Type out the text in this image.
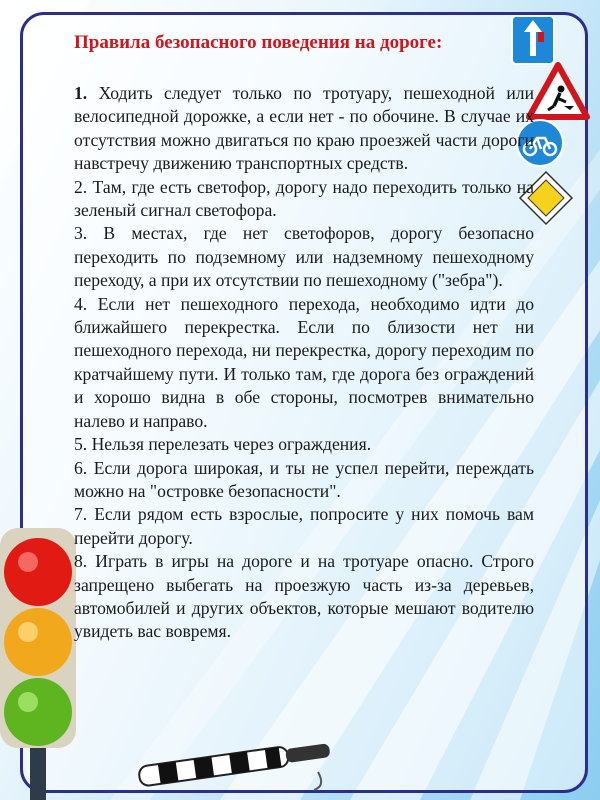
Правила безопасного поведения на дороге:

1. Ходить следует только по тротуару, пешеходной или велосипедной дорожке, а если нет - по обочине. В случае их отсутствия можно двигаться по краю проезжей части дороги навстречу движению транспортных средств.

2. Там, где есть светофор, дорогу надо переходить только на зеленый сигнал светофора.

3. В местах, где нет светофоров, дорогу безопасно переходить по подземному или надземному пешеходному переходу, а при их отсутствии по пешеходному ("зебра").

4. Если нет пешеходного перехода, необходимо идти до ближайшего перекрестка. Если по близости нет ни пешеходного перехода, ни перекрестка, дорогу переходим по кратчайшему пути. И только там, где дорога без ограждений и хорошо видна в обе стороны, посмотрев внимательно налево и направо.

5. Нельзя перелезать через ограждения.

6. Если дорога широкая, и ты не успел перейти, переждать можно на "островке безопасности".

7. Если рядом есть взрослые, попросите у них помочь вам перейти дорогу.

8. Играть в игры на дороге и на тротуаре опасно. Строго запрещено выбегать на проезжую часть из-за деревьев, автомобилей и других объектов, которые мешают водителю увидеть вас вовремя.
